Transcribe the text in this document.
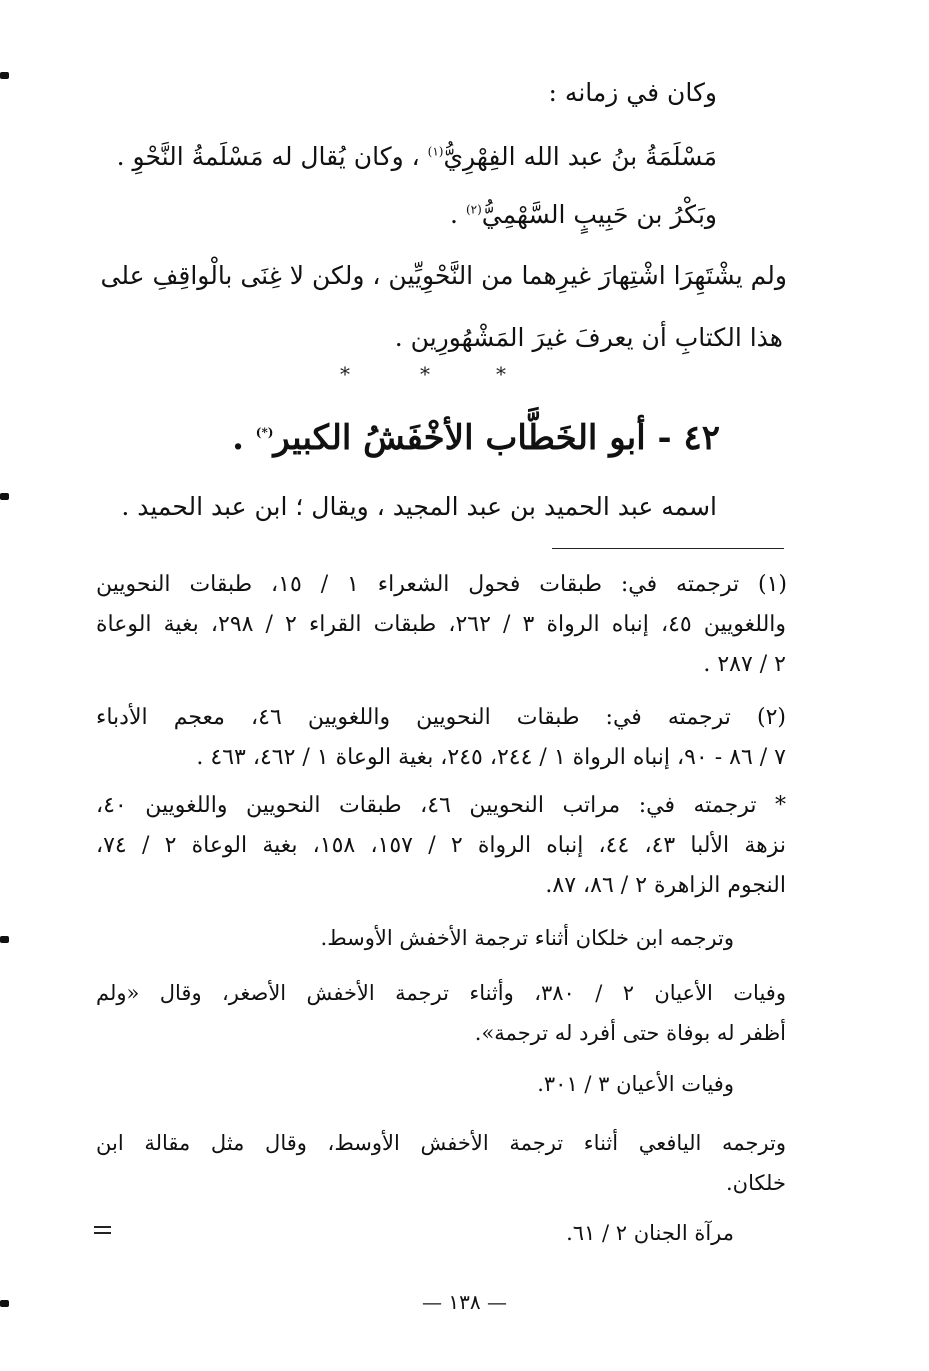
وكان في زمانه :
مَسْلَمَةُ بنُ عبد الله الفِهْرِيُّ$^{(١)}$ ، وكان يُقال له مَسْلَمةُ النَّحْوِ .
وبَكْرُ بن حَبِيبٍ السَّهْمِيُّ$^{(٢)}$ .
ولم يشْتَهِرَا اشْتِهارَ غيرِهما من النَّحْوِيِّين ، ولكن لا غِنَى بالْواقِفِ على
هذا الكتابِ أن يعرفَ غيرَ المَشْهُورِين .
*	*	*
٤٢ - أبو الخَطَّاب الأخْفَشُ الكبير(*) .
اسمه عبد الحميد بن عبد المجيد ، ويقال ؛ ابن عبد الحميد .
(١) ترجمته في: طبقات فحول الشعراء ١ / ١٥، طبقات النحويين
واللغويين ٤٥، إنباه الرواة ٣ / ٢٦٢، طبقات القراء ٢ / ٢٩٨، بغية الوعاة
٢ / ٢٨٧ .
(٢) ترجمته في: طبقات النحويين واللغويين ٤٦، معجم الأدباء
٧ / ٨٦ - ٩٠، إنباه الرواة ١ / ٢٤٤، ٢٤٥، بغية الوعاة ١ / ٤٦٢، ٤٦٣ .
* ترجمته في: مراتب النحويين ٤٦، طبقات النحويين واللغويين ٤٠،
نزهة الألبا ٤٣، ٤٤، إنباه الرواة ٢ / ١٥٧، ١٥٨، بغية الوعاة ٢ / ٧٤،
النجوم الزاهرة ٢ / ٨٦، ٨٧.
وترجمه ابن خلكان أثناء ترجمة الأخفش الأوسط.
وفيات الأعيان ٢ / ٣٨٠، وأثناء ترجمة الأخفش الأصغر، وقال «ولم
أظفر له بوفاة حتى أفرد له ترجمة».
وفيات الأعيان ٣ / ٣٠١.
وترجمه اليافعي أثناء ترجمة الأخفش الأوسط، وقال مثل مقالة ابن
خلكان.
مرآة الجنان ٢ / ٦١.
— ١٣٨ —
